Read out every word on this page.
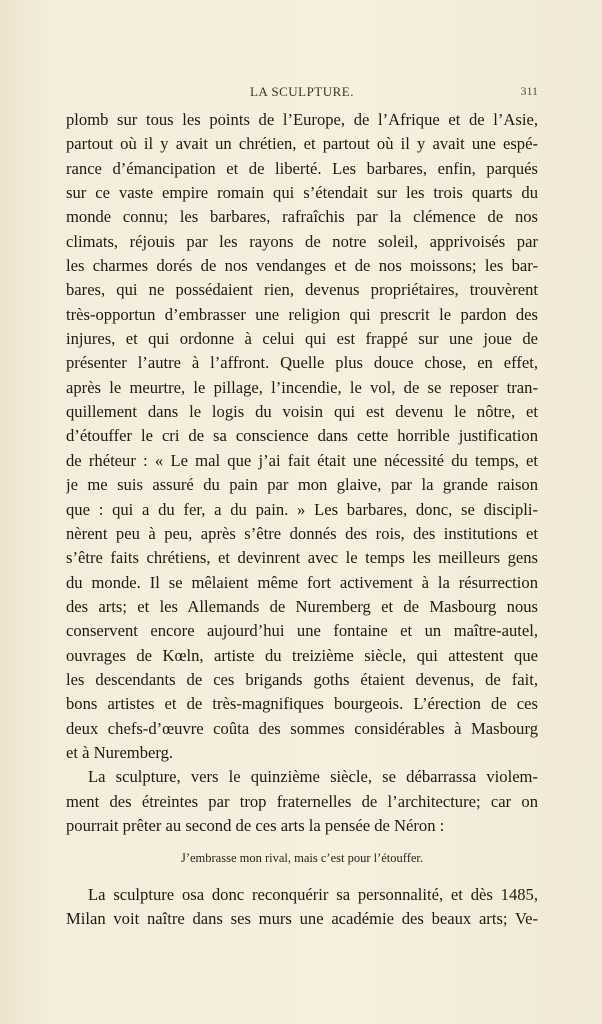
LA SCULPTURE.	311
plomb sur tous les points de l’Europe, de l’Afrique et de l’Asie,
partout où il y avait un chrétien, et partout où il y avait une espé-
rance d’émancipation et de liberté. Les barbares, enfin, parqués
sur ce vaste empire romain qui s’étendait sur les trois quarts du
monde connu; les barbares, rafraîchis par la clémence de nos
climats, réjouis par les rayons de notre soleil, apprivoisés par
les charmes dorés de nos vendanges et de nos moissons; les bar-
bares, qui ne possédaient rien, devenus propriétaires, trouvèrent
très-opportun d’embrasser une religion qui prescrit le pardon des
injures, et qui ordonne à celui qui est frappé sur une joue de
présenter l’autre à l’affront. Quelle plus douce chose, en effet,
après le meurtre, le pillage, l’incendie, le vol, de se reposer tran-
quillement dans le logis du voisin qui est devenu le nôtre, et
d’étouffer le cri de sa conscience dans cette horrible justification
de rhéteur : « Le mal que j’ai fait était une nécessité du temps, et
je me suis assuré du pain par mon glaive, par la grande raison
que : qui a du fer, a du pain. » Les barbares, donc, se discipli-
nèrent peu à peu, après s’être donnés des rois, des institutions et
s’être faits chrétiens, et devinrent avec le temps les meilleurs gens
du monde. Il se mêlaient même fort activement à la résurrection
des arts; et les Allemands de Nuremberg et de Masbourg nous
conservent encore aujourd’hui une fontaine et un maître-autel,
ouvrages de Kœln, artiste du treizième siècle, qui attestent que
les descendants de ces brigands goths étaient devenus, de fait,
bons artistes et de très-magnifiques bourgeois. L’érection de ces
deux chefs-d’œuvre coûta des sommes considérables à Masbourg
et à Nuremberg.
La sculpture, vers le quinzième siècle, se débarrassa violem-
ment des étreintes par trop fraternelles de l’architecture; car on
pourrait prêter au second de ces arts la pensée de Néron :
J’embrasse mon rival, mais c’est pour l’étouffer.
La sculpture osa donc reconquérir sa personnalité, et dès 1485,
Milan voit naître dans ses murs une académie des beaux arts; Ve-
